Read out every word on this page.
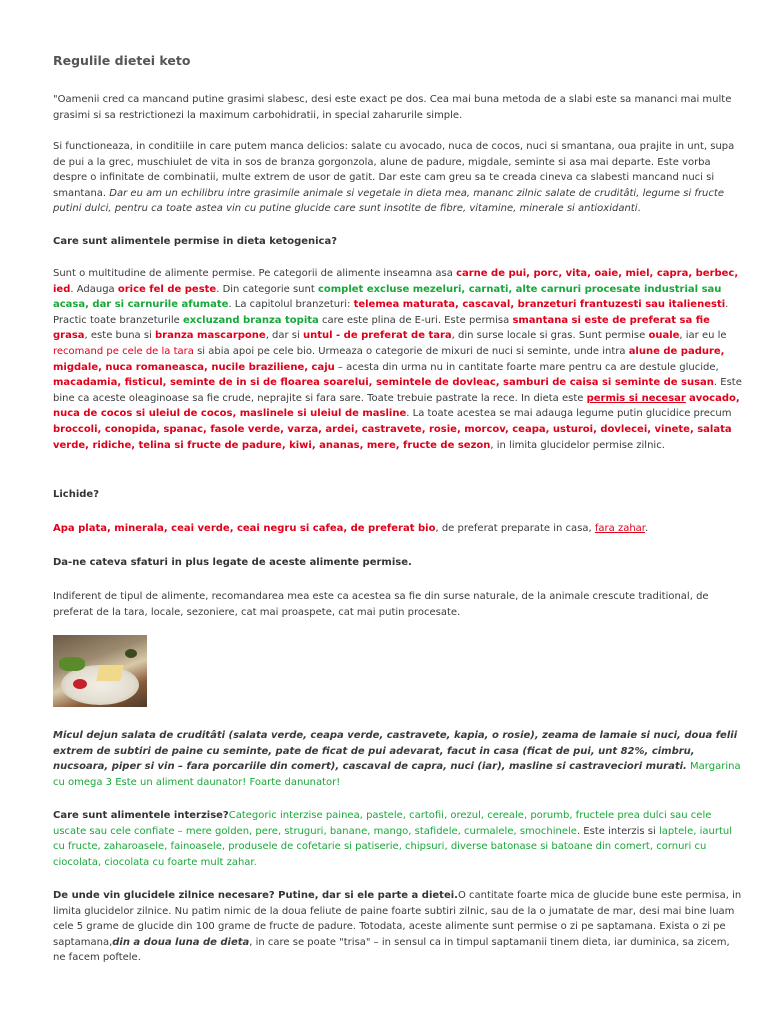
Regulile dietei keto

"Oamenii cred ca mancand putine grasimi slabesc, desi este exact pe dos. Cea mai buna metoda de a slabi este sa mananci mai multe grasimi si sa restrictionezi la maximum carbohidratii, in special zaharurile simple.

Si functioneaza, in conditiile in care putem manca delicios: salate cu avocado, nuca de cocos, nuci si smantana, oua prajite in unt, supa de pui a la grec, muschiulet de vita in sos de branza gorgonzola, alune de padure, migdale, seminte si asa mai departe. Este vorba despre o infinitate de combinatii, multe extrem de usor de gatit. Dar este cam greu sa te creada cineva ca slabesti mancand nuci si smantana. Dar eu am un echilibru intre grasimile animale si vegetale in dieta mea, mananc zilnic salate de cruditâti, legume si fructe putini dulci, pentru ca toate astea vin cu putine glucide care sunt insotite de fibre, vitamine, minerale si antioxidanti.

Care sunt alimentele permise in dieta ketogenica?

Sunt o multitudine de alimente permise. Pe categorii de alimente inseamna asa carne de pui, porc, vita, oaie, miel, capra, berbec, ied. Adauga orice fel de peste. Din categorie sunt complet excluse mezeluri, carnati, alte carnuri procesate industrial sau acasa, dar si carnurile afumate. La capitolul branzeturi: telemea maturata, cascaval, branzeturi frantuzesti sau italienesti. Practic toate branzeturile excluzand branza topita care este plina de E-uri. Este permisa smantana si este de preferat sa fie grasa, este buna si branza mascarpone, dar si untul - de preferat de tara, din surse locale si gras. Sunt permise ouale, iar eu le recomand pe cele de la tara si abia apoi pe cele bio. Urmeaza o categorie de mixuri de nuci si seminte, unde intra alune de padure, migdale, nuca romaneasca, nucile braziliene, caju – acesta din urma nu in cantitate foarte mare pentru ca are destule glucide, macadamia, fisticul, seminte de in si de floarea soarelui, semintele de dovleac, samburi de caisa si seminte de susan. Este bine ca aceste oleaginoase sa fie crude, neprajite si fara sare. Toate trebuie pastrate la rece. In dieta este permis si necesar avocado, nuca de cocos si uleiul de cocos, maslinele si uleiul de masline. La toate acestea se mai adauga legume putin glucidice precum broccoli, conopida, spanac, fasole verde, varza, ardei, castravete, rosie, morcov, ceapa, usturoi, dovlecei, vinete, salata verde, ridiche, telina si fructe de padure, kiwi, ananas, mere, fructe de sezon, in limita glucidelor permise zilnic.

Lichide?

Apa plata, minerala, ceai verde, ceai negru si cafea, de preferat bio, de preferat preparate in casa, fara zahar.

Da-ne cateva sfaturi in plus legate de aceste alimente permise.

Indiferent de tipul de alimente, recomandarea mea este ca acestea sa fie din surse naturale, de la animale crescute traditional, de preferat de la tara, locale, sezoniere, cat mai proaspete, cat mai putin procesate.

Micul dejun salata de cruditâti (salata verde, ceapa verde, castravete, kapia, o rosie), zeama de lamaie si nuci, doua felii extrem de subtiri de paine cu seminte, pate de ficat de pui adevarat, facut in casa (ficat de pui, unt 82%, cimbru, nucsoara, piper si vin – fara porcariile din comert), cascaval de capra, nuci (iar), masline si castraveciori murati. Margarina cu omega 3 Este un aliment daunator! Foarte danunator!

Care sunt alimentele interzise?Categoric interzise painea, pastele, cartofii, orezul, cereale, porumb, fructele prea dulci sau cele uscate sau cele confiate – mere golden, pere, struguri, banane, mango, stafidele, curmalele, smochinele. Este interzis si laptele, iaurtul cu fructe, zaharoasele, fainoasele, produsele de cofetarie si patiserie, chipsuri, diverse batonase si batoane din comert, cornuri cu ciocolata, ciocolata cu foarte mult zahar.

De unde vin glucidele zilnice necesare? Putine, dar si ele parte a dietei.O cantitate foarte mica de glucide bune este permisa, in limita glucidelor zilnice. Nu patim nimic de la doua feliute de paine foarte subtiri zilnic, sau de la o jumatate de mar, desi mai bine luam cele 5 grame de glucide din 100 grame de fructe de padure. Totodata, aceste alimente sunt permise o zi pe saptamana. Exista o zi pe saptamana,din a doua luna de dieta, in care se poate "trisa" – in sensul ca in timpul saptamanii tinem dieta, iar duminica, sa zicem, ne facem poftele.
